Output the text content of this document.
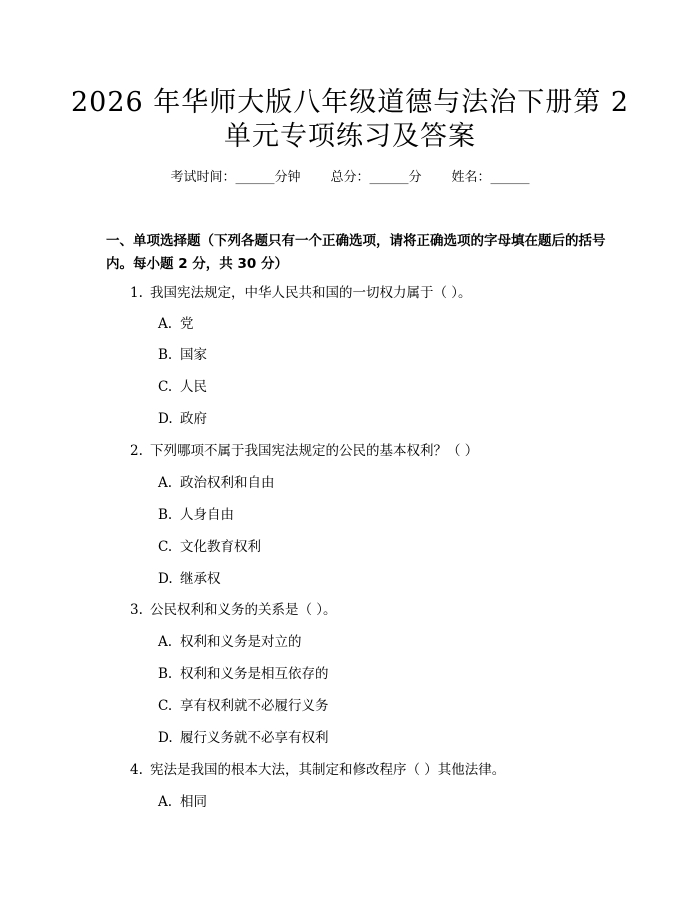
2026 年华师大版八年级道德与法治下册第 2
单元专项练习及答案
考试时间：______分钟 总分：______分 姓名：______
一、单项选择题（下列各题只有一个正确选项，请将正确选项的字母填在题后的括号内。每小题 2 分，共 30 分）
1. 我国宪法规定，中华人民共和国的一切权力属于（ ）。
A. 党
B. 国家
C. 人民
D. 政府
2. 下列哪项不属于我国宪法规定的公民的基本权利？（ ）
A. 政治权利和自由
B. 人身自由
C. 文化教育权利
D. 继承权
3. 公民权利和义务的关系是（ ）。
A. 权利和义务是对立的
B. 权利和义务是相互依存的
C. 享有权利就不必履行义务
D. 履行义务就不必享有权利
4. 宪法是我国的根本大法，其制定和修改程序（ ）其他法律。
A. 相同
